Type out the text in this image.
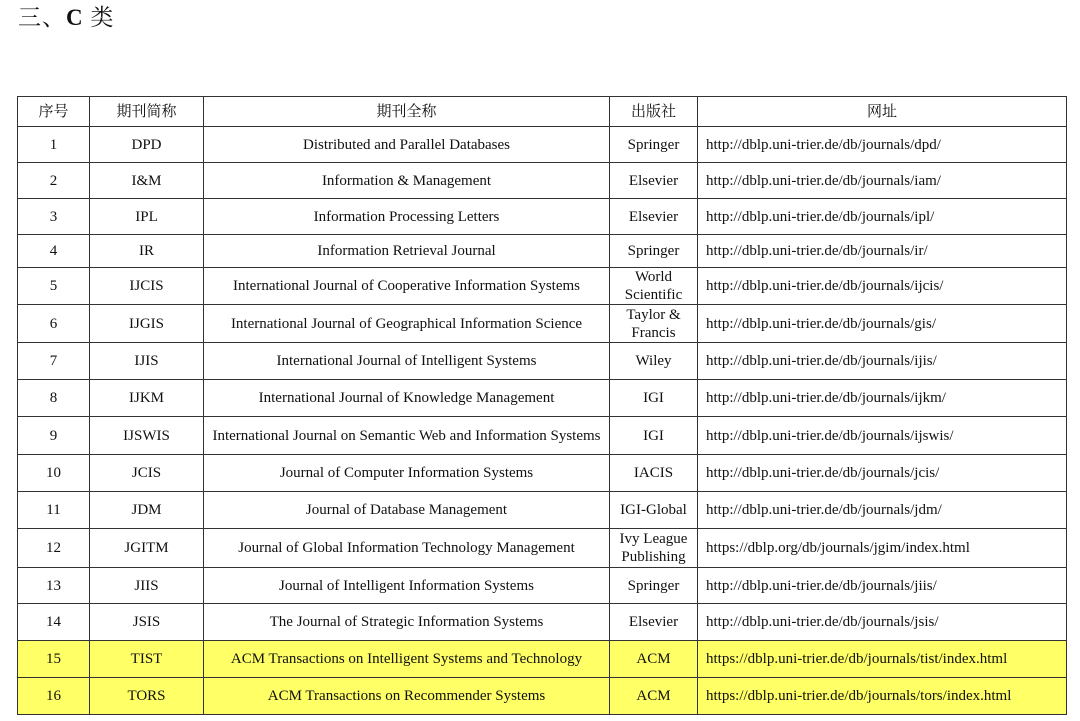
三、C 类
序号	期刊简称	期刊全称	出版社	网址
1	DPD	Distributed and Parallel Databases	Springer	http://dblp.uni-trier.de/db/journals/dpd/
2	I&M	Information & Management	Elsevier	http://dblp.uni-trier.de/db/journals/iam/
3	IPL	Information Processing Letters	Elsevier	http://dblp.uni-trier.de/db/journals/ipl/
4	IR	Information Retrieval Journal	Springer	http://dblp.uni-trier.de/db/journals/ir/
5	IJCIS	International Journal of Cooperative Information Systems	World Scientific	http://dblp.uni-trier.de/db/journals/ijcis/
6	IJGIS	International Journal of Geographical Information Science	Taylor & Francis	http://dblp.uni-trier.de/db/journals/gis/
7	IJIS	International Journal of Intelligent Systems	Wiley	http://dblp.uni-trier.de/db/journals/ijis/
8	IJKM	International Journal of Knowledge Management	IGI	http://dblp.uni-trier.de/db/journals/ijkm/
9	IJSWIS	International Journal on Semantic Web and Information Systems	IGI	http://dblp.uni-trier.de/db/journals/ijswis/
10	JCIS	Journal of Computer Information Systems	IACIS	http://dblp.uni-trier.de/db/journals/jcis/
11	JDM	Journal of Database Management	IGI-Global	http://dblp.uni-trier.de/db/journals/jdm/
12	JGITM	Journal of Global Information Technology Management	Ivy League Publishing	https://dblp.org/db/journals/jgim/index.html
13	JIIS	Journal of Intelligent Information Systems	Springer	http://dblp.uni-trier.de/db/journals/jiis/
14	JSIS	The Journal of Strategic Information Systems	Elsevier	http://dblp.uni-trier.de/db/journals/jsis/
15	TIST	ACM Transactions on Intelligent Systems and Technology	ACM	https://dblp.uni-trier.de/db/journals/tist/index.html
16	TORS	ACM Transactions on Recommender Systems	ACM	https://dblp.uni-trier.de/db/journals/tors/index.html
